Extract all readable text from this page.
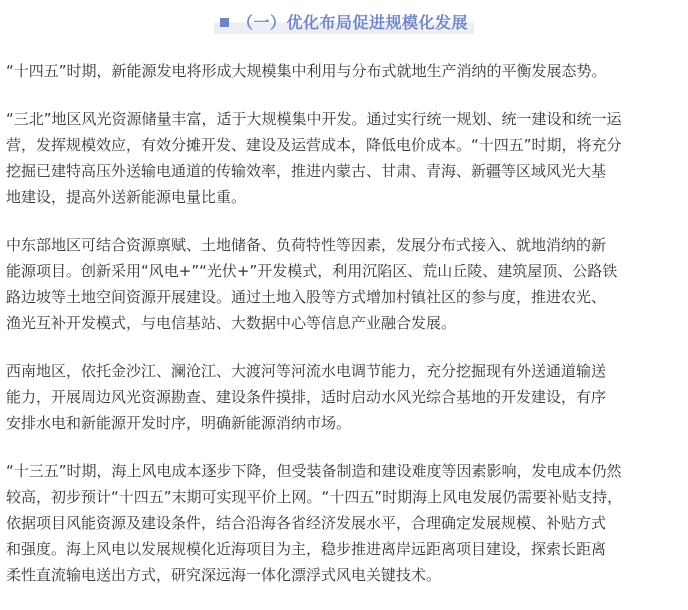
（一）优化布局促进规模化发展

“十四五”时期，新能源发电将形成大规模集中利用与分布式就地生产消纳的平衡发展态势。

“三北”地区风光资源储量丰富，适于大规模集中开发。通过实行统一规划、统一建设和统一运
营，发挥规模效应，有效分摊开发、建设及运营成本，降低电价成本。“十四五”时期，将充分
挖掘已建特高压外送输电通道的传输效率，推进内蒙古、甘肃、青海、新疆等区域风光大基
地建设，提高外送新能源电量比重。

中东部地区可结合资源禀赋、土地储备、负荷特性等因素，发展分布式接入、就地消纳的新
能源项目。创新采用“风电+”“光伏+”开发模式，利用沉陷区、荒山丘陵、建筑屋顶、公路铁
路边坡等土地空间资源开展建设。通过土地入股等方式增加村镇社区的参与度，推进农光、
渔光互补开发模式，与电信基站、大数据中心等信息产业融合发展。

西南地区，依托金沙江、澜沧江、大渡河等河流水电调节能力，充分挖掘现有外送通道输送
能力，开展周边风光资源勘查、建设条件摸排，适时启动水风光综合基地的开发建设，有序
安排水电和新能源开发时序，明确新能源消纳市场。

“十三五”时期，海上风电成本逐步下降，但受装备制造和建设难度等因素影响，发电成本仍然
较高，初步预计“十四五”末期可实现平价上网。“十四五”时期海上风电发展仍需要补贴支持，
依据项目风能资源及建设条件，结合沿海各省经济发展水平，合理确定发展规模、补贴方式
和强度。海上风电以发展规模化近海项目为主，稳步推进离岸远距离项目建设，探索长距离
柔性直流输电送出方式，研究深远海一体化漂浮式风电关键技术。
